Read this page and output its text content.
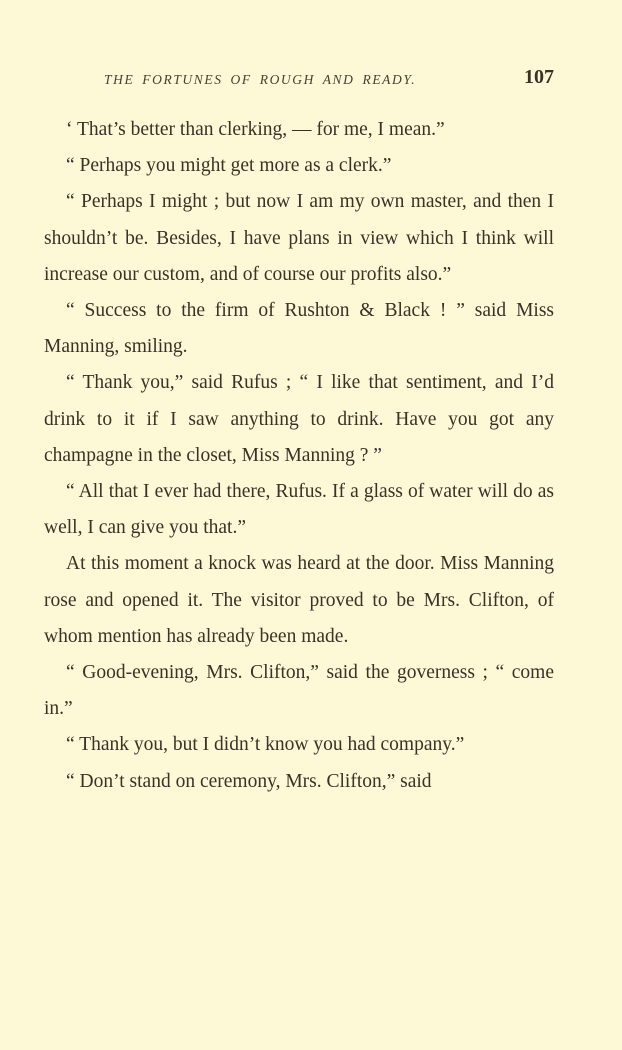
THE FORTUNES OF ROUGH AND READY.	107

‘ That’s better than clerking, — for me, I mean.”

“ Perhaps you might get more as a clerk.”

“ Perhaps I might ; but now I am my own master, and then I shouldn’t be. Besides, I have plans in view which I think will increase our custom, and of course our profits also.”

“ Success to the firm of Rushton & Black ! ” said Miss Manning, smiling.

“ Thank you,” said Rufus ; “ I like that sentiment, and I’d drink to it if I saw anything to drink. Have you got any champagne in the closet, Miss Manning ? ”

“ All that I ever had there, Rufus. If a glass of water will do as well, I can give you that.”

At this moment a knock was heard at the door. Miss Manning rose and opened it. The visitor proved to be Mrs. Clifton, of whom mention has already been made.

“ Good-evening, Mrs. Clifton,” said the governess ; “ come in.”

“ Thank you, but I didn’t know you had company.”

“ Don’t stand on ceremony, Mrs. Clifton,” said
